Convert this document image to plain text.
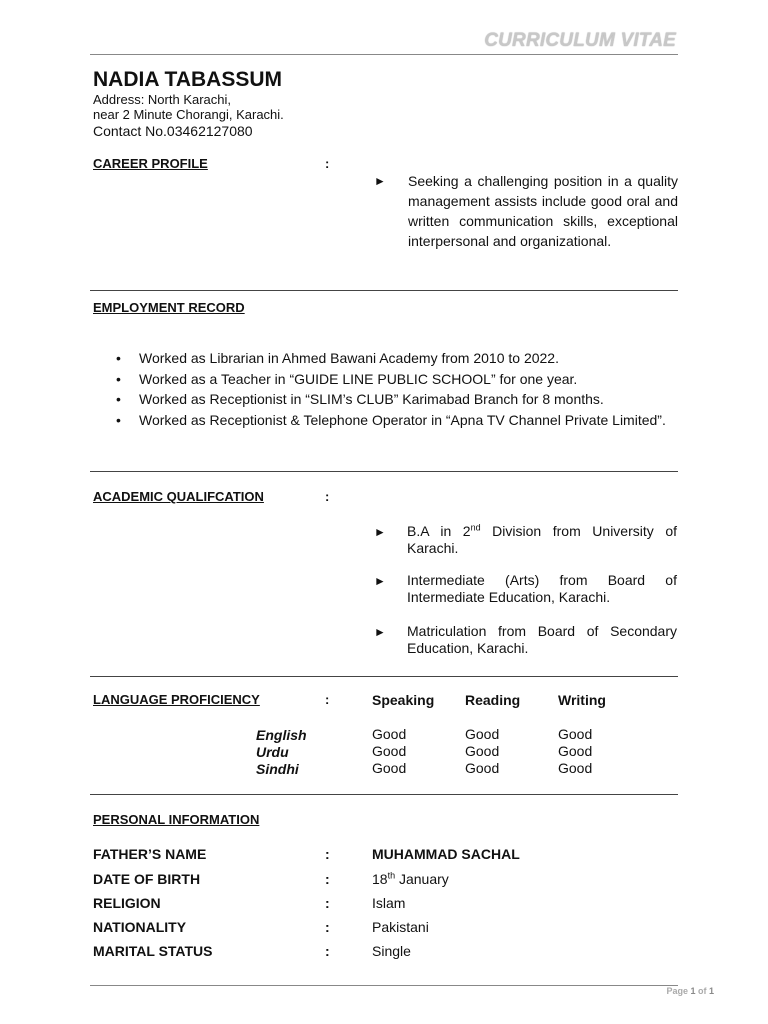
CURRICULUM VITAE
NADIA TABASSUM
Address: North Karachi,
near 2 Minute Chorangi, Karachi.
Contact No.03462127080
CAREER PROFILE	:
► Seeking a challenging position in a quality management assists include good oral and written communication skills, exceptional interpersonal and organizational.
EMPLOYMENT RECORD
• Worked as Librarian in Ahmed Bawani Academy from 2010 to 2022.
• Worked as a Teacher in “GUIDE LINE PUBLIC SCHOOL” for one year.
• Worked as Receptionist in “SLIM’s CLUB” Karimabad Branch for 8 months.
• Worked as Receptionist & Telephone Operator in “Apna TV Channel Private Limited”.
ACADEMIC QUALIFCATION	:
► B.A in 2nd Division from University of Karachi.
► Intermediate (Arts) from Board of Intermediate Education, Karachi.
► Matriculation from Board of Secondary Education, Karachi.
LANGUAGE PROFICIENCY	:	Speaking Reading	Writing
English	Good	Good	Good
Urdu	Good	Good	Good
Sindhi	Good	Good	Good
PERSONAL INFORMATION
FATHER’S NAME	:	MUHAMMAD SACHAL
DATE OF BIRTH	:	18th January
RELIGION	:	Islam
NATIONALITY	:	Pakistani
MARITAL STATUS	:	Single
Page 1 of 1
